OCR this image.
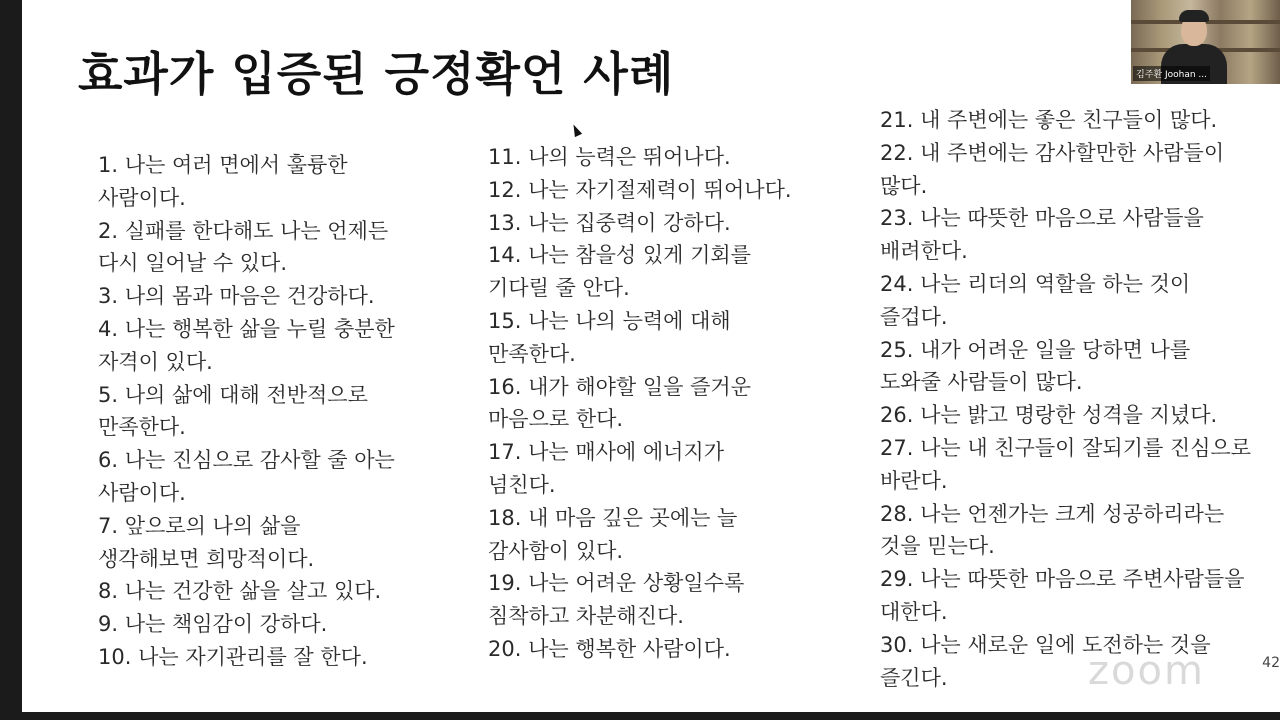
효과가 입증된 긍정확언 사례
1. 나는 여러 면에서 훌륭한
사람이다.
2. 실패를 한다해도 나는 언제든
다시 일어날 수 있다.
3. 나의 몸과 마음은 건강하다.
4. 나는 행복한 삶을 누릴 충분한
자격이 있다.
5. 나의 삶에 대해 전반적으로
만족한다.
6. 나는 진심으로 감사할 줄 아는
사람이다.
7. 앞으로의 나의 삶을
생각해보면 희망적이다.
8. 나는 건강한 삶을 살고 있다.
9. 나는 책임감이 강하다.
10. 나는 자기관리를 잘 한다.
11. 나의 능력은 뛰어나다.
12. 나는 자기절제력이 뛰어나다.
13. 나는 집중력이 강하다.
14. 나는 참을성 있게 기회를
기다릴 줄 안다.
15. 나는 나의 능력에 대해
만족한다.
16. 내가 해야할 일을 즐거운
마음으로 한다.
17. 나는 매사에 에너지가
넘친다.
18. 내 마음 깊은 곳에는 늘
감사함이 있다.
19. 나는 어려운 상황일수록
침착하고 차분해진다.
20. 나는 행복한 사람이다.
21. 내 주변에는 좋은 친구들이 많다.
22. 내 주변에는 감사할만한 사람들이
많다.
23. 나는 따뜻한 마음으로 사람들을
배려한다.
24. 나는 리더의 역할을 하는 것이
즐겁다.
25. 내가 어려운 일을 당하면 나를
도와줄 사람들이 많다.
26. 나는 밝고 명랑한 성격을 지녔다.
27. 나는 내 친구들이 잘되기를 진심으로
바란다.
28. 나는 언젠가는 크게 성공하리라는
것을 믿는다.
29. 나는 따뜻한 마음으로 주변사람들을
대한다.
30. 나는 새로운 일에 도전하는 것을
즐긴다.
42
zoom
김주환 Joohan ...
